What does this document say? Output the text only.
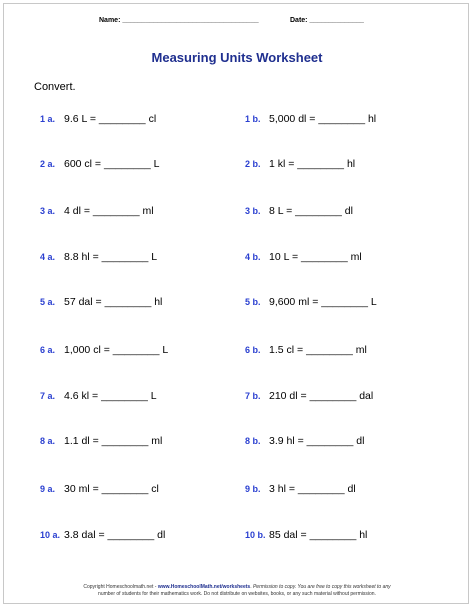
Name: ___________________________________	Date: ______________
Measuring Units Worksheet
Convert.
1 a. 9.6 L = ________ cl	1 b. 5,000 dl = ________ hl
2 a. 600 cl = ________ L	2 b. 1 kl = ________ hl
3 a. 4 dl = ________ ml	3 b. 8 L = ________ dl
4 a. 8.8 hl = ________ L	4 b. 10 L = ________ ml
5 a. 57 dal = ________ hl	5 b. 9,600 ml = ________ L
6 a. 1,000 cl = ________ L	6 b. 1.5 cl = ________ ml
7 a. 4.6 kl = ________ L	7 b. 210 dl = ________ dal
8 a. 1.1 dl = ________ ml	8 b. 3.9 hl = ________ dl
9 a. 30 ml = ________ cl	9 b. 3 hl = ________ dl
10 a. 3.8 dal = ________ dl	10 b. 85 dal = ________ hl
Copyright Homeschoolmath.net - www.HomeschoolMath.net/worksheets. Permission to copy. You are free to copy this worksheet to any
number of students for their mathematics work. Do not distribute on websites, books, or any such material without permission.
